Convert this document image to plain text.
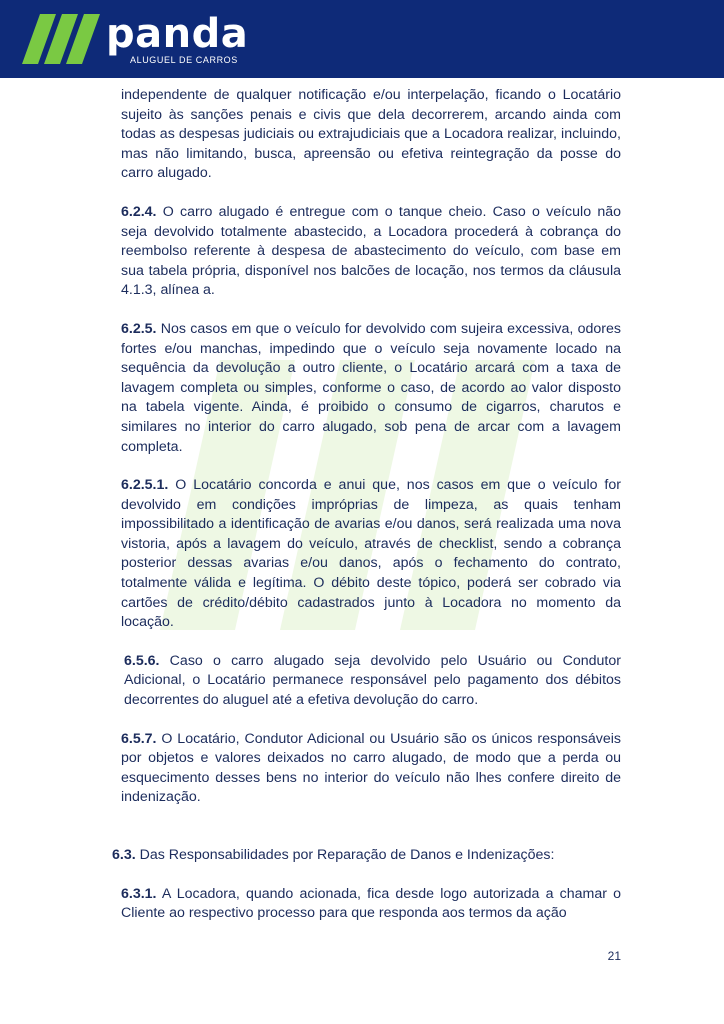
panda
ALUGUEL DE CARROS

independente de qualquer notificação e/ou interpelação, ficando o Locatário sujeito às sanções penais e civis que dela decorrerem, arcando ainda com todas as despesas judiciais ou extrajudiciais que a Locadora realizar, incluindo, mas não limitando, busca, apreensão ou efetiva reintegração da posse do carro alugado.

6.2.4. O carro alugado é entregue com o tanque cheio. Caso o veículo não seja devolvido totalmente abastecido, a Locadora procederá à cobrança do reembolso referente à despesa de abastecimento do veículo, com base em sua tabela própria, disponível nos balcões de locação, nos termos da cláusula 4.1.3, alínea a.

6.2.5. Nos casos em que o veículo for devolvido com sujeira excessiva, odores fortes e/ou manchas, impedindo que o veículo seja novamente locado na sequência da devolução a outro cliente, o Locatário arcará com a taxa de lavagem completa ou simples, conforme o caso, de acordo ao valor disposto na tabela vigente. Ainda, é proibido o consumo de cigarros, charutos e similares no interior do carro alugado, sob pena de arcar com a lavagem completa.

6.2.5.1. O Locatário concorda e anui que, nos casos em que o veículo for devolvido em condições impróprias de limpeza, as quais tenham impossibilitado a identificação de avarias e/ou danos, será realizada uma nova vistoria, após a lavagem do veículo, através de checklist, sendo a cobrança posterior dessas avarias e/ou danos, após o fechamento do contrato, totalmente válida e legítima. O débito deste tópico, poderá ser cobrado via cartões de crédito/débito cadastrados junto à Locadora no momento da locação.

6.5.6. Caso o carro alugado seja devolvido pelo Usuário ou Condutor Adicional, o Locatário permanece responsável pelo pagamento dos débitos decorrentes do aluguel até a efetiva devolução do carro.

6.5.7. O Locatário, Condutor Adicional ou Usuário são os únicos responsáveis por objetos e valores deixados no carro alugado, de modo que a perda ou esquecimento desses bens no interior do veículo não lhes confere direito de indenização.

6.3. Das Responsabilidades por Reparação de Danos e Indenizações:

6.3.1. A Locadora, quando acionada, fica desde logo autorizada a chamar o Cliente ao respectivo processo para que responda aos termos da ação

21
